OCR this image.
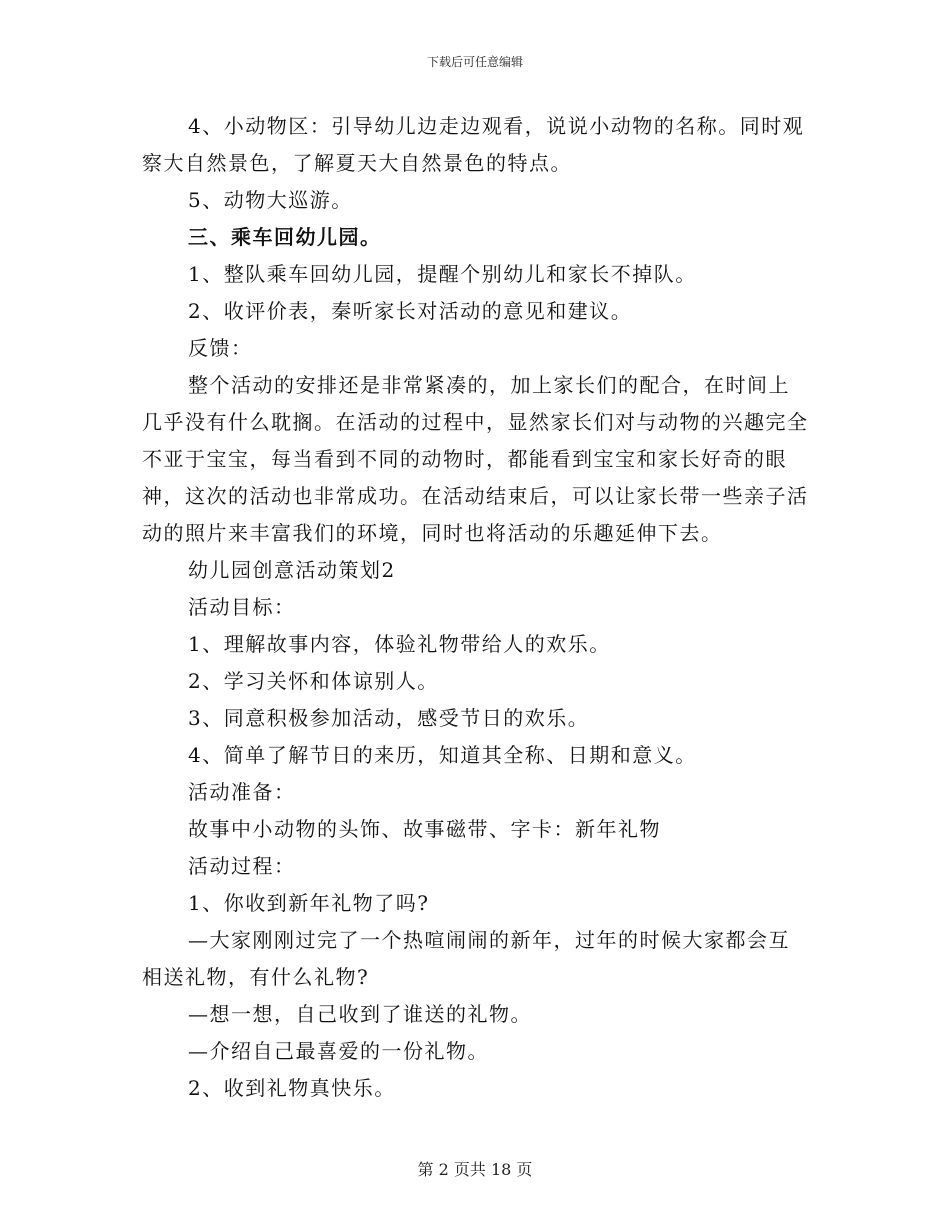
下载后可任意编辑

4、小动物区：引导幼儿边走边观看，说说小动物的名称。同时观察大自然景色，了解夏天大自然景色的特点。

5、动物大巡游。

三、乘车回幼儿园。

1、整队乘车回幼儿园，提醒个别幼儿和家长不掉队。

2、收评价表，秦听家长对活动的意见和建议。

反馈：

整个活动的安排还是非常紧凑的，加上家长们的配合，在时间上几乎没有什么耽搁。在活动的过程中，显然家长们对与动物的兴趣完全不亚于宝宝，每当看到不同的动物时，都能看到宝宝和家长好奇的眼神，这次的活动也非常成功。在活动结束后，可以让家长带一些亲子活动的照片来丰富我们的环境，同时也将活动的乐趣延伸下去。

幼儿园创意活动策划2

活动目标：

1、理解故事内容，体验礼物带给人的欢乐。

2、学习关怀和体谅别人。

3、同意积极参加活动，感受节日的欢乐。

4、简单了解节日的来历，知道其全称、日期和意义。

活动准备：

故事中小动物的头饰、故事磁带、字卡：新年礼物

活动过程：

1、你收到新年礼物了吗?

—大家刚刚过完了一个热喧闹闹的新年，过年的时候大家都会互相送礼物，有什么礼物?

—想一想，自己收到了谁送的礼物。

—介绍自己最喜爱的一份礼物。

2、收到礼物真快乐。

第 2 页共 18 页
